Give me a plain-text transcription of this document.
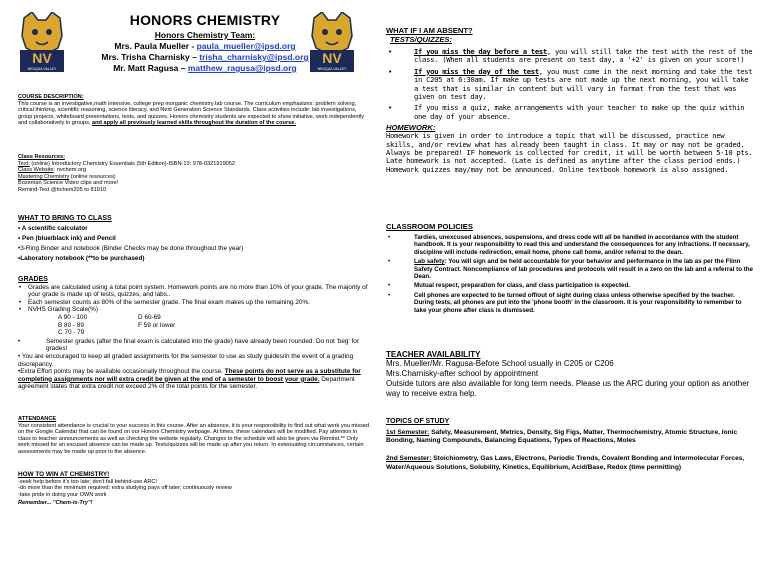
NV
NEUQUA VALLEY
HONORS CHEMISTRY
Honors Chemistry Team:
Mrs. Paula Mueller - paula_mueller@ipsd.org
Mrs. Trisha Charnisky – trisha_charnisky@ipsd.org
Mr. Matt Ragusa – matthew_ragusa@ipsd.org
NV
NEUQUA VALLEY
COURSE DESCRIPTION:
This course is an investigative,math intensive, college prep inorganic chemistry lab course. The curriculum emphasizes: problem solving, critical thinking, scientific reasoning, science literacy, and Next Generation Science Standards. Class activities include: lab investigations, group projects, whiteboard presentations, tests, and quizzes. Honors chemistry students are expected to show initiative, work independently and collaboratively in groups, and apply all previously learned skills throughout the duration of the course.
Class Resources:
Text: (online) Introductory Chemistry Essentials (5th Edition)-ISBN-13: 978-0321919052
Class Website: nvchem.org
Mastering Chemistry (online resources)
Bozeman Science Video clips and more!
Remind-Text @hchem205 to 81010
WHAT TO BRING TO CLASS
• A scientific calculator
• Pen (blue/black ink) and Pencil
•3-Ring Binder and notebook (Binder Checks may be done throughout the year)
•Laboratory notebook (**to be purchased)
GRADES
• Grades are calculated using a total point system. Homework points are no more than 10% of your grade. The majority of your grade is made up of tests, quizzes, and labs..
• Each semester counts as 80% of the semester grade. The final exam makes up the remaining 20%.
• NVHS Grading Scale(%)
A 90 - 100	D 60-69
B 80 - 89	F 59 or lower
C 70 - 79
•	Semester grades (after the final exam is calculated into the grade) have already been rounded. Do not 'beg' for grades!
• You are encouraged to keep all graded assignments for the semester to use as study guides/in the event of a grading discrepancy.
•Extra Effort points may be available occasionally throughout the course. These points do not serve as a substitute for completing assignments nor will extra credit be given at the end of a semester to boost your grade. Department agreement states that extra credit not exceed 2% of the total points for the semester.
ATTENDANCE
Your consistent attendance is crucial to your success in this course. After an absence, it is your responsibility to find out what work you missed on the Google Calendar that can be found on our Honors Chemistry webpage. At times, these calendars will be modified. Pay attention in class to teacher announcements as well as checking the website regularly. Changes to the schedule will also be given via Remind.** Only work missed for an excused absence can be made up. Tests/quizzes will be made up after you return. In extenuating circumstances, certain assessments may be made up prior to the absence.
HOW TO WIN AT CHEMISTRY!
-seek help before it's too late; don't fall behind-use ARC!
-do more than the minimum required; extra studying pays off later; continuously review
-take pride in doing your OWN work
Remember... "Chem-is-Try"!
WHAT IF I AM ABSENT?
TESTS/QUIZZES:
•	If you miss the day before a test, you will still take the test with the rest of the class. (When all students are present on test day, a '+2' is given on your score!)
•	If you miss the day of the test, you must come in the next morning and take the test in C205 at 6:30am. If make up tests are not made up the next morning, you will take a test that is similar in content but will vary in format from the test that was given on test day.
•	If you miss a quiz, make arrangements with your teacher to make up the quiz within one day of your absence.
HOMEWORK:
Homework is given in order to introduce a topic that will be discussed, practice new skills, and/or review what has already been taught in class. It may or may not be graded. Always be prepared! IF homework is collected for credit, it will be worth between 5-10 pts. Late homework is not accepted. (Late is defined as anytime after the class period ends.) Homework quizzes may/may not be announced. Online textbook homework is also assigned.
CLASSROOM POLICIES
•	Tardies, unexcused absences, suspensions, and dress code will all be handled in accordance with the student handbook. It is your responsibility to read this and understand the consequences for any infractions. If necessary, discipline will include redirection, email home, phone call home, and/or referral to the dean.
•	Lab safety: You will sign and be held accountable for your behavior and performance in the lab as per the Flinn Safety Contract. Noncompliance of lab procedures and protocols will result in a zero on the lab and a referral to the Dean.
•	Mutual respect, preparation for class, and class participation is expected.
•	Cell phones are expected to be turned off/out of sight during class unless otherwise specified by the teacher. During tests, all phones are put into the 'phone booth' in the classroom. It is your responsibility to remember to take your phone after class is dismissed.
TEACHER AVAILABILITY
Mrs. Mueller/Mr. Ragusa-Before School usually in C205 or C206
Mrs.Charnisky-after school by appointment
Outside tutors are also available for long term needs. Please us the ARC during your option as another way to receive extra help.
TOPICS OF STUDY
1st Semester: Safety, Measurement, Metrics, Density, Sig Figs, Matter, Thermochemistry, Atomic Structure, Ionic Bonding, Naming Compounds, Balancing Equations, Types of Reactions, Moles
2nd Semester: Stoichiometry, Gas Laws, Electrons, Periodic Trends, Covalent Bonding and Intermolecular Forces, Water/Aqueous Solutions, Solubility, Kinetics, Equilibrium, Acid/Base, Redox (time permitting)
